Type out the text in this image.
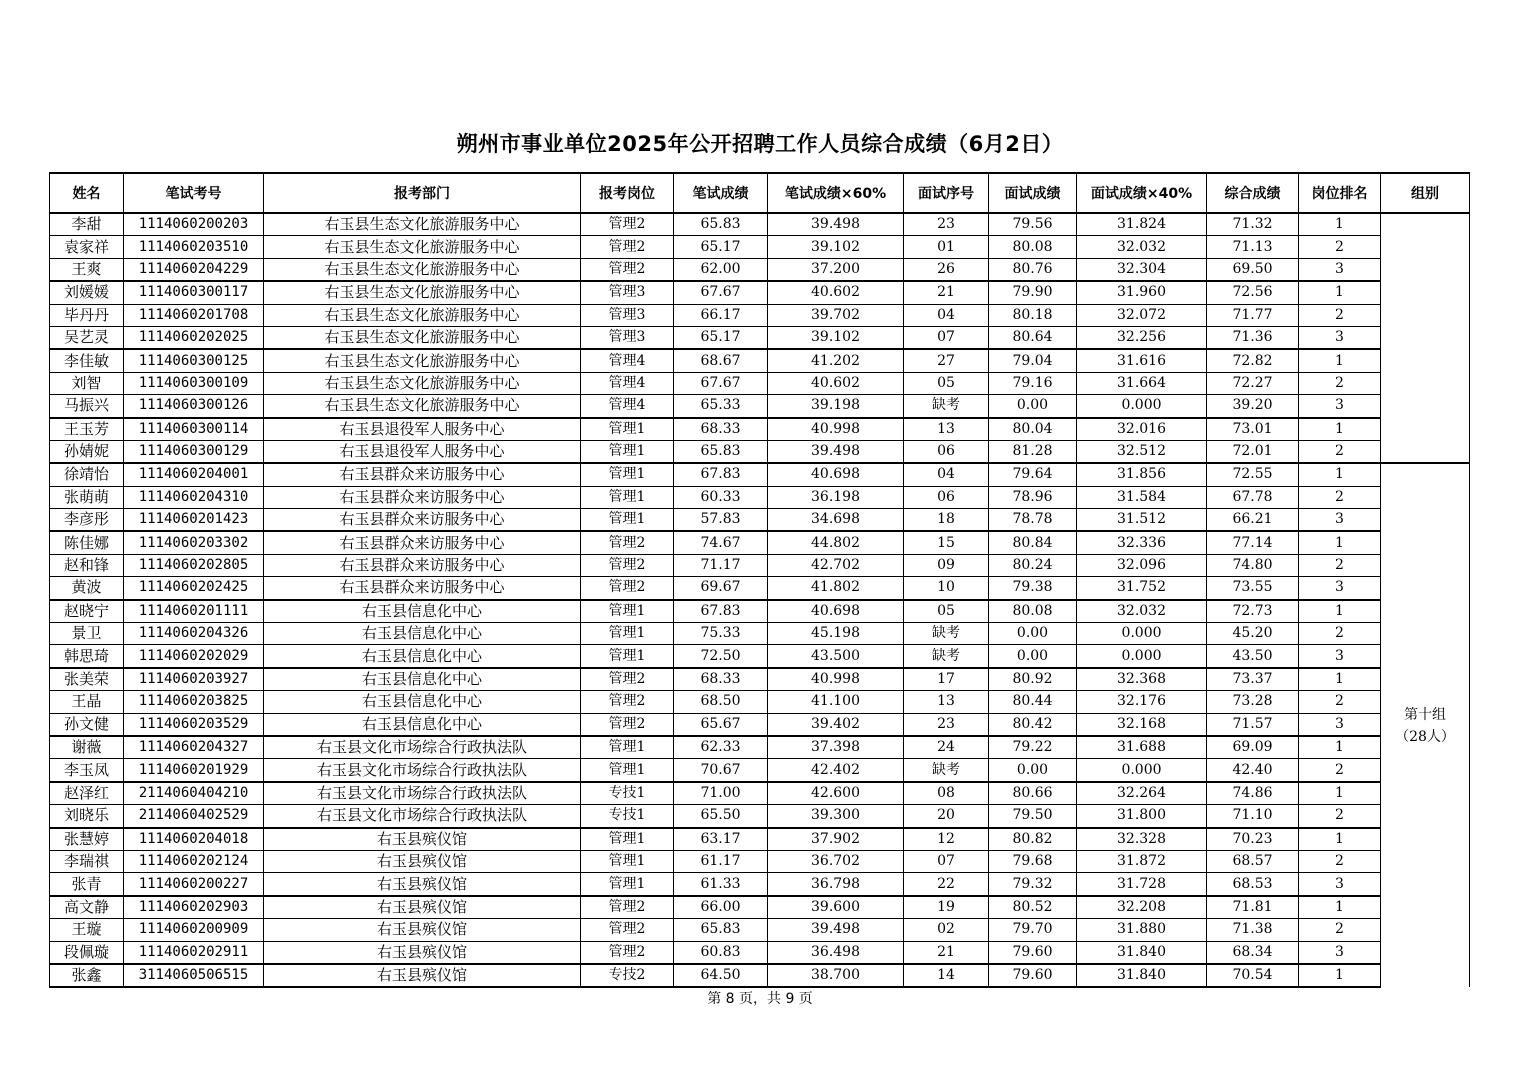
朔州市事业单位2025年公开招聘工作人员综合成绩（6月2日）
姓名	笔试考号	报考部门	报考岗位	笔试成绩	笔试成绩×60%	面试序号	面试成绩	面试成绩×40%	综合成绩	岗位排名	组别
李甜	1114060200203	右玉县生态文化旅游服务中心	管理2	65.83	39.498	23	79.56	31.824	71.32	1	
袁家祥	1114060203510	右玉县生态文化旅游服务中心	管理2	65.17	39.102	01	80.08	32.032	71.13	2	
王爽	1114060204229	右玉县生态文化旅游服务中心	管理2	62.00	37.200	26	80.76	32.304	69.50	3	
刘媛媛	1114060300117	右玉县生态文化旅游服务中心	管理3	67.67	40.602	21	79.90	31.960	72.56	1	
毕丹丹	1114060201708	右玉县生态文化旅游服务中心	管理3	66.17	39.702	04	80.18	32.072	71.77	2	
吴艺灵	1114060202025	右玉县生态文化旅游服务中心	管理3	65.17	39.102	07	80.64	32.256	71.36	3	
李佳敏	1114060300125	右玉县生态文化旅游服务中心	管理4	68.67	41.202	27	79.04	31.616	72.82	1	
刘智	1114060300109	右玉县生态文化旅游服务中心	管理4	67.67	40.602	05	79.16	31.664	72.27	2	
马振兴	1114060300126	右玉县生态文化旅游服务中心	管理4	65.33	39.198	缺考	0.00	0.000	39.20	3	
王玉芳	1114060300114	右玉县退役军人服务中心	管理1	68.33	40.998	13	80.04	32.016	73.01	1	
孙婧妮	1114060300129	右玉县退役军人服务中心	管理1	65.83	39.498	06	81.28	32.512	72.01	2	
徐靖怡	1114060204001	右玉县群众来访服务中心	管理1	67.83	40.698	04	79.64	31.856	72.55	1	第十组
（28人）
张萌萌	1114060204310	右玉县群众来访服务中心	管理1	60.33	36.198	06	78.96	31.584	67.78	2	
李彦彤	1114060201423	右玉县群众来访服务中心	管理1	57.83	34.698	18	78.78	31.512	66.21	3	
陈佳娜	1114060203302	右玉县群众来访服务中心	管理2	74.67	44.802	15	80.84	32.336	77.14	1	
赵和锋	1114060202805	右玉县群众来访服务中心	管理2	71.17	42.702	09	80.24	32.096	74.80	2	
黄波	1114060202425	右玉县群众来访服务中心	管理2	69.67	41.802	10	79.38	31.752	73.55	3	
赵晓宁	1114060201111	右玉县信息化中心	管理1	67.83	40.698	05	80.08	32.032	72.73	1	
景卫	1114060204326	右玉县信息化中心	管理1	75.33	45.198	缺考	0.00	0.000	45.20	2	
韩思琦	1114060202029	右玉县信息化中心	管理1	72.50	43.500	缺考	0.00	0.000	43.50	3	
张美荣	1114060203927	右玉县信息化中心	管理2	68.33	40.998	17	80.92	32.368	73.37	1	
王晶	1114060203825	右玉县信息化中心	管理2	68.50	41.100	13	80.44	32.176	73.28	2	
孙文健	1114060203529	右玉县信息化中心	管理2	65.67	39.402	23	80.42	32.168	71.57	3	
谢薇	1114060204327	右玉县文化市场综合行政执法队	管理1	62.33	37.398	24	79.22	31.688	69.09	1	
李玉凤	1114060201929	右玉县文化市场综合行政执法队	管理1	70.67	42.402	缺考	0.00	0.000	42.40	2	
赵泽红	2114060404210	右玉县文化市场综合行政执法队	专技1	71.00	42.600	08	80.66	32.264	74.86	1	
刘晓乐	2114060402529	右玉县文化市场综合行政执法队	专技1	65.50	39.300	20	79.50	31.800	71.10	2	
张慧婷	1114060204018	右玉县殡仪馆	管理1	63.17	37.902	12	80.82	32.328	70.23	1	
李瑞祺	1114060202124	右玉县殡仪馆	管理1	61.17	36.702	07	79.68	31.872	68.57	2	
张青	1114060200227	右玉县殡仪馆	管理1	61.33	36.798	22	79.32	31.728	68.53	3	
高文静	1114060202903	右玉县殡仪馆	管理2	66.00	39.600	19	80.52	32.208	71.81	1	
王璇	1114060200909	右玉县殡仪馆	管理2	65.83	39.498	02	79.70	31.880	71.38	2	
段佩璇	1114060202911	右玉县殡仪馆	管理2	60.83	36.498	21	79.60	31.840	68.34	3	
张鑫	3114060506515	右玉县殡仪馆	专技2	64.50	38.700	14	79.60	31.840	70.54	1	
第 8 页，共 9 页
